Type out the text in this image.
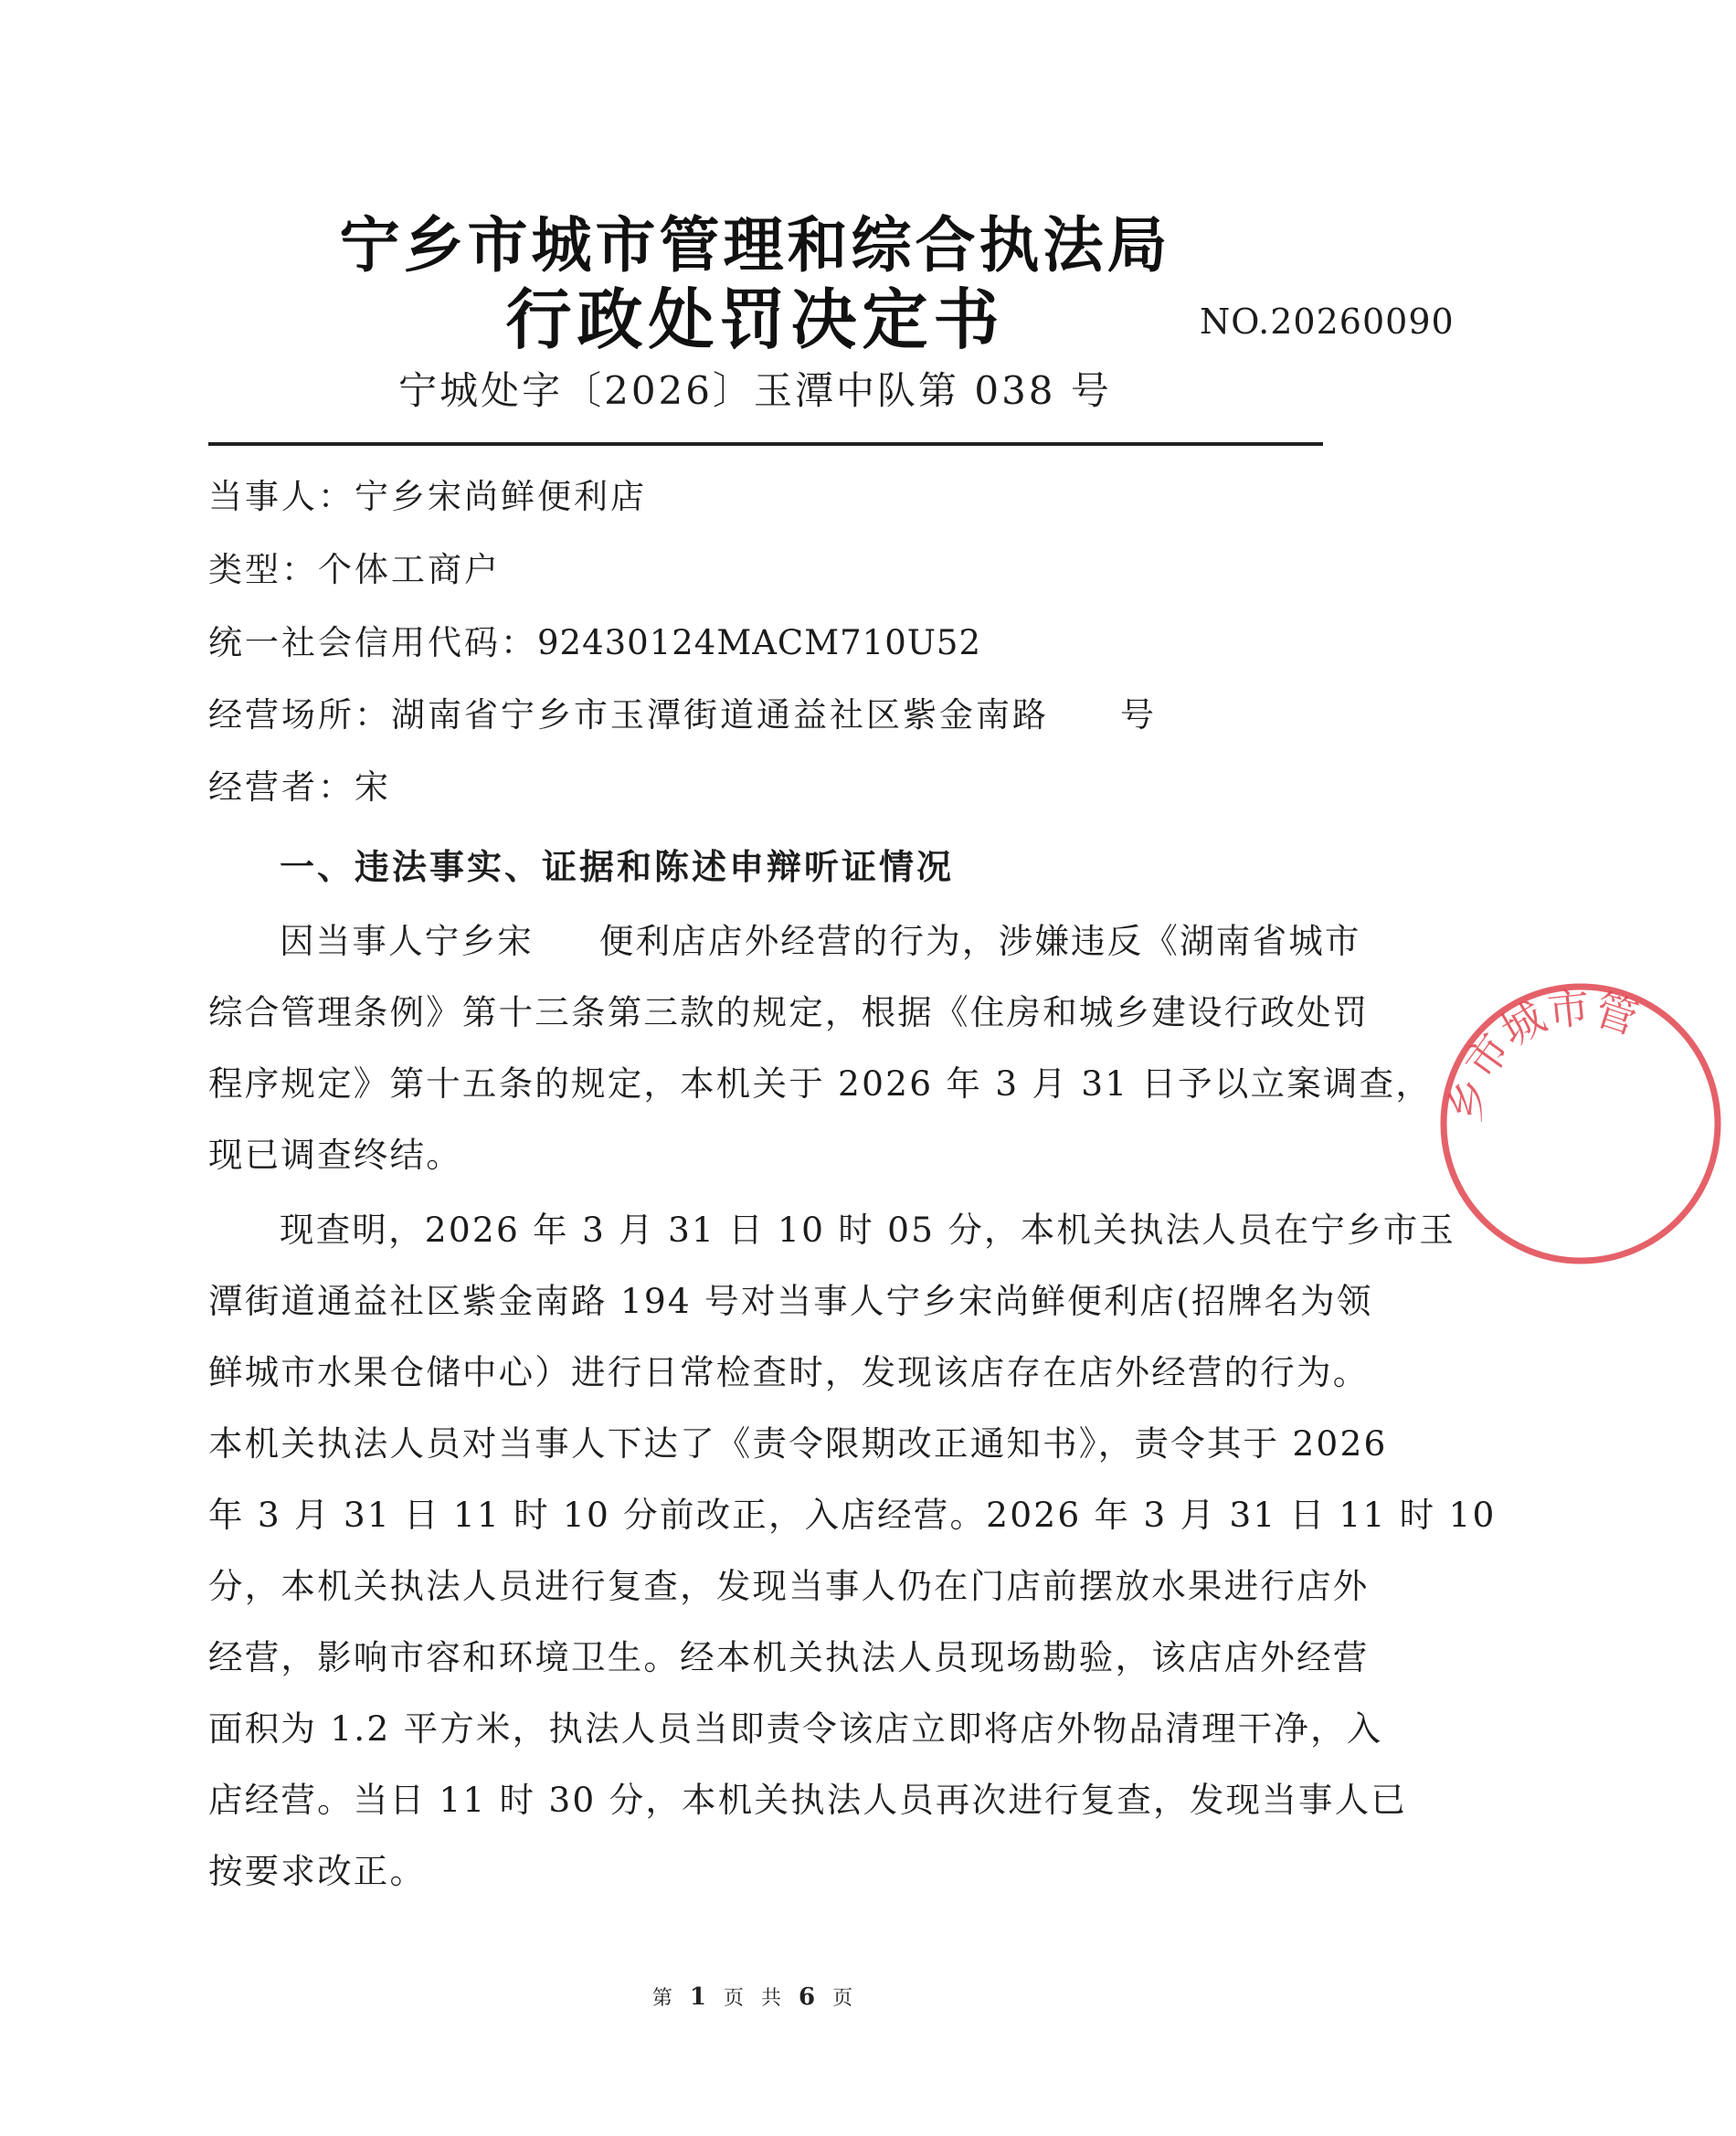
宁乡市城市管理和综合执法局
行政处罚决定书	NO.20260090
宁城处字〔2026〕玉潭中队第 038 号
当事人：宁乡宋尚鲜便利店
类型：个体工商户
统一社会信用代码：92430124MACM710U52
经营场所：湖南省宁乡市玉潭街道通益社区紫金南路 号
经营者：宋
一、违法事实、证据和陈述申辩听证情况
因当事人宁乡宋 便利店店外经营的行为，涉嫌违反《湖南省城市
综合管理条例》第十三条第三款的规定，根据《住房和城乡建设行政处罚
程序规定》第十五条的规定，本机关于 2026 年 3 月 31 日予以立案调查，
现已调查终结。
现查明，2026 年 3 月 31 日 10 时 05 分，本机关执法人员在宁乡市玉
潭街道通益社区紫金南路 194 号对当事人宁乡宋尚鲜便利店(招牌名为领
鲜城市水果仓储中心）进行日常检查时，发现该店存在店外经营的行为。
本机关执法人员对当事人下达了《责令限期改正通知书》，责令其于 2026
年 3 月 31 日 11 时 10 分前改正，入店经营。2026 年 3 月 31 日 11 时 10
分，本机关执法人员进行复查，发现当事人仍在门店前摆放水果进行店外
经营，影响市容和环境卫生。经本机关执法人员现场勘验，该店店外经营
面积为 1.2 平方米，执法人员当即责令该店立即将店外物品清理干净，入
店经营。当日 11 时 30 分，本机关执法人员再次进行复查，发现当事人已
按要求改正。
乡市城市管
第 1 页 共 6 页
